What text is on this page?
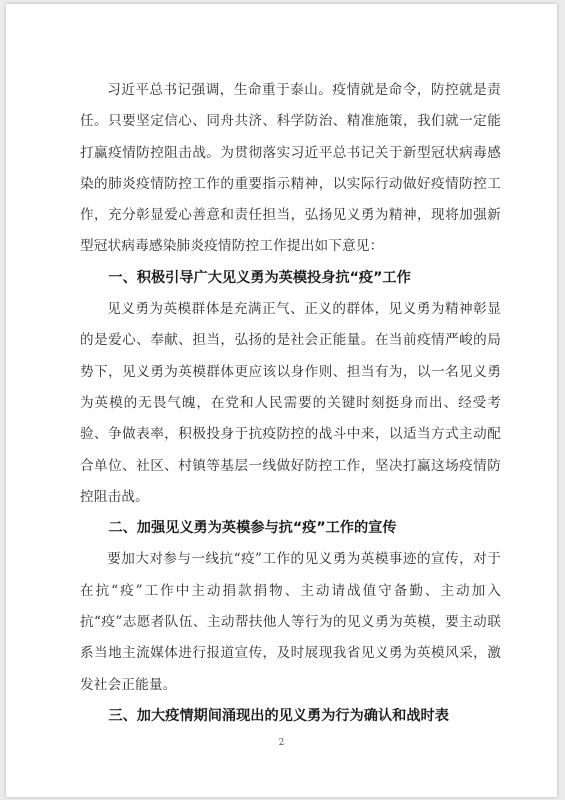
习近平总书记强调，生命重于泰山。疫情就是命令，防控就是责任。只要坚定信心、同舟共济、科学防治、精准施策，我们就一定能打赢疫情防控阻击战。为贯彻落实习近平总书记关于新型冠状病毒感染的肺炎疫情防控工作的重要指示精神，以实际行动做好疫情防控工作，充分彰显爱心善意和责任担当，弘扬见义勇为精神，现将加强新型冠状病毒感染肺炎疫情防控工作提出如下意见：

一、积极引导广大见义勇为英模投身抗“疫”工作

见义勇为英模群体是充满正气、正义的群体，见义勇为精神彰显的是爱心、奉献、担当，弘扬的是社会正能量。在当前疫情严峻的局势下，见义勇为英模群体更应该以身作则、担当有为，以一名见义勇为英模的无畏气魄，在党和人民需要的关键时刻挺身而出、经受考验、争做表率，积极投身于抗疫防控的战斗中来，以适当方式主动配合单位、社区、村镇等基层一线做好防控工作，坚决打赢这场疫情防控阻击战。

二、加强见义勇为英模参与抗“疫”工作的宣传

要加大对参与一线抗“疫”工作的见义勇为英模事迹的宣传，对于在抗“疫”工作中主动捐款捐物、主动请战值守备勤、主动加入抗“疫”志愿者队伍、主动帮扶他人等行为的见义勇为英模，要主动联系当地主流媒体进行报道宣传，及时展现我省见义勇为英模风采，激发社会正能量。

三、加大疫情期间涌现出的见义勇为行为确认和战时表

2
